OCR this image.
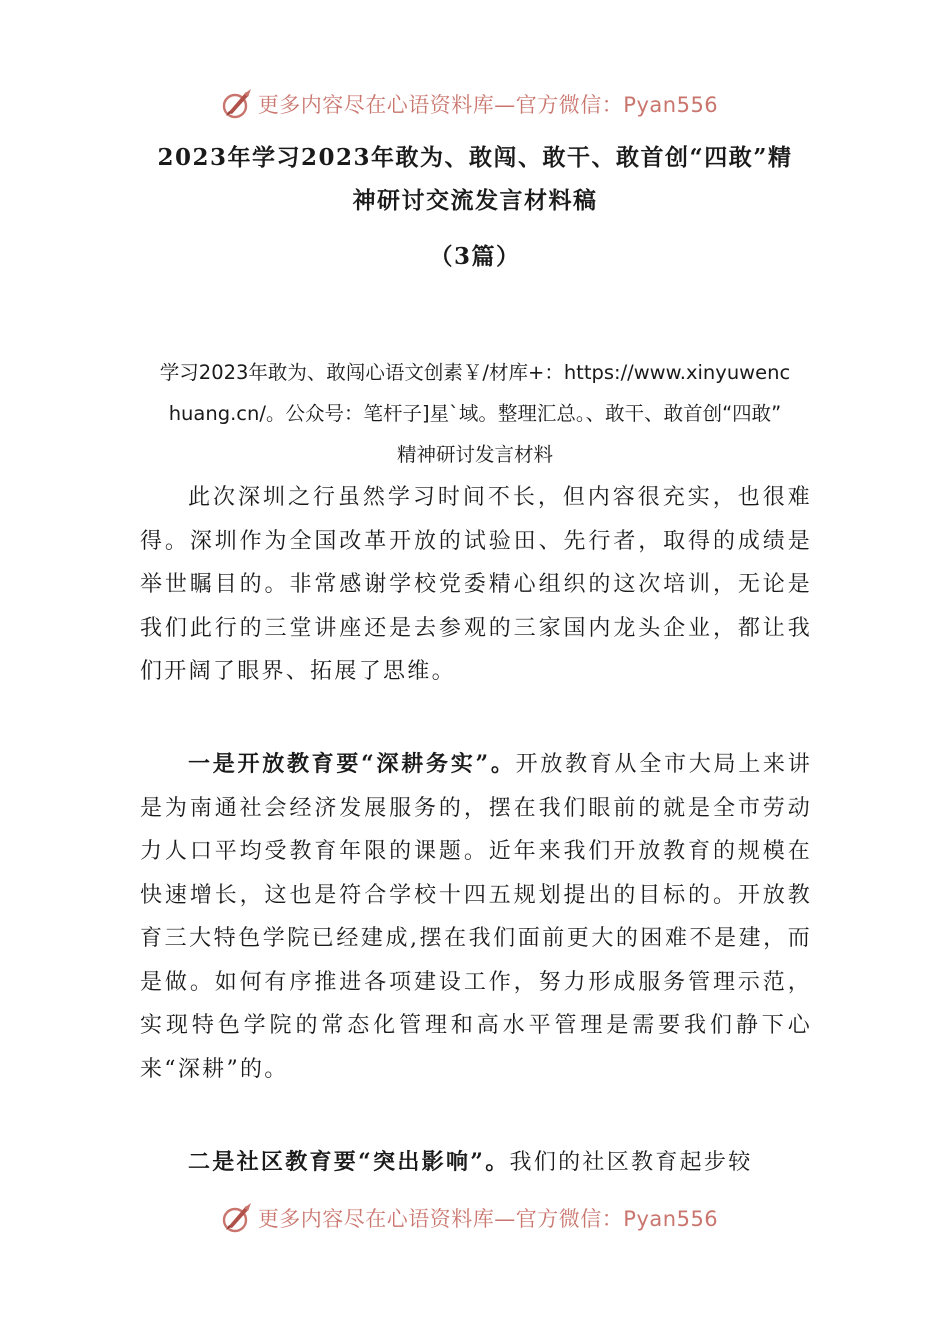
更多内容尽在心语资料库—官方微信：Pyan556
2023年学习2023年敢为、敢闯、敢干、敢首创“四敢”精
神研讨交流发言材料稿
（3篇）
学习2023年敢为、敢闯心语文创素￥/材库+：https://www.xinyuwenc
huang.cn/。公众号：笔杆子]星`域。整理汇总。、敢干、敢首创“四敢”
精神研讨发言材料

此次深圳之行虽然学习时间不长，但内容很充实，也很难得。深圳作为全国改革开放的试验田、先行者，取得的成绩是举世瞩目的。非常感谢学校党委精心组织的这次培训，无论是我们此行的三堂讲座还是去参观的三家国内龙头企业，都让我们开阔了眼界、拓展了思维。

一是开放教育要“深耕务实”。开放教育从全市大局上来讲是为南通社会经济发展服务的，摆在我们眼前的就是全市劳动力人口平均受教育年限的课题。近年来我们开放教育的规模在快速增长，这也是符合学校十四五规划提出的目标的。开放教育三大特色学院已经建成,摆在我们面前更大的困难不是建，而是做。如何有序推进各项建设工作，努力形成服务管理示范，实现特色学院的常态化管理和高水平管理是需要我们静下心来“深耕”的。

二是社区教育要“突出影响”。我们的社区教育起步较

更多内容尽在心语资料库—官方微信：Pyan556
